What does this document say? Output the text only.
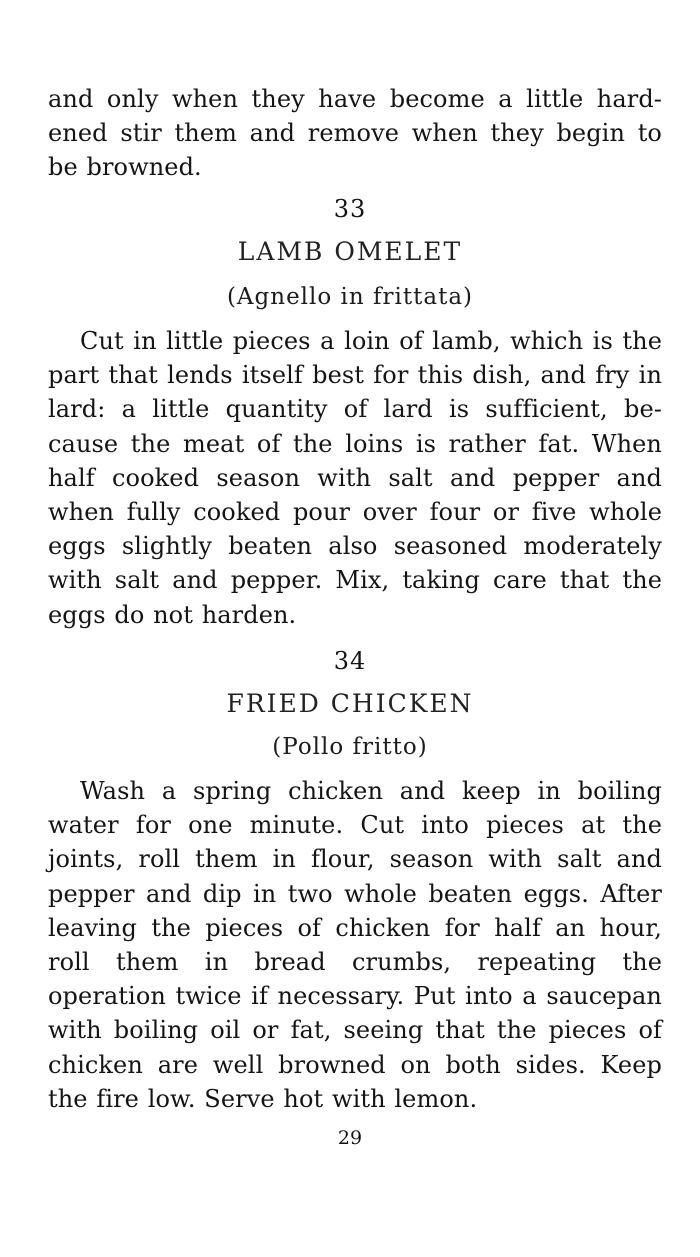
and only when they have become a little hard- ened stir them and remove when they begin to be browned.

33
LAMB OMELET
(Agnello in frittata)

Cut in little pieces a loin of lamb, which is the part that lends itself best for this dish, and fry in lard: a little quantity of lard is sufficient, be- cause the meat of the loins is rather fat. When half cooked season with salt and pepper and when fully cooked pour over four or five whole eggs slightly beaten also seasoned moderately with salt and pepper. Mix, taking care that the eggs do not harden.

34
FRIED CHICKEN
(Pollo fritto)

Wash a spring chicken and keep in boiling water for one minute. Cut into pieces at the joints, roll them in flour, season with salt and pepper and dip in two whole beaten eggs. After leaving the pieces of chicken for half an hour, roll them in bread crumbs, repeating the operation twice if necessary. Put into a saucepan with boiling oil or fat, seeing that the pieces of chicken are well browned on both sides. Keep the fire low. Serve hot with lemon.

29
